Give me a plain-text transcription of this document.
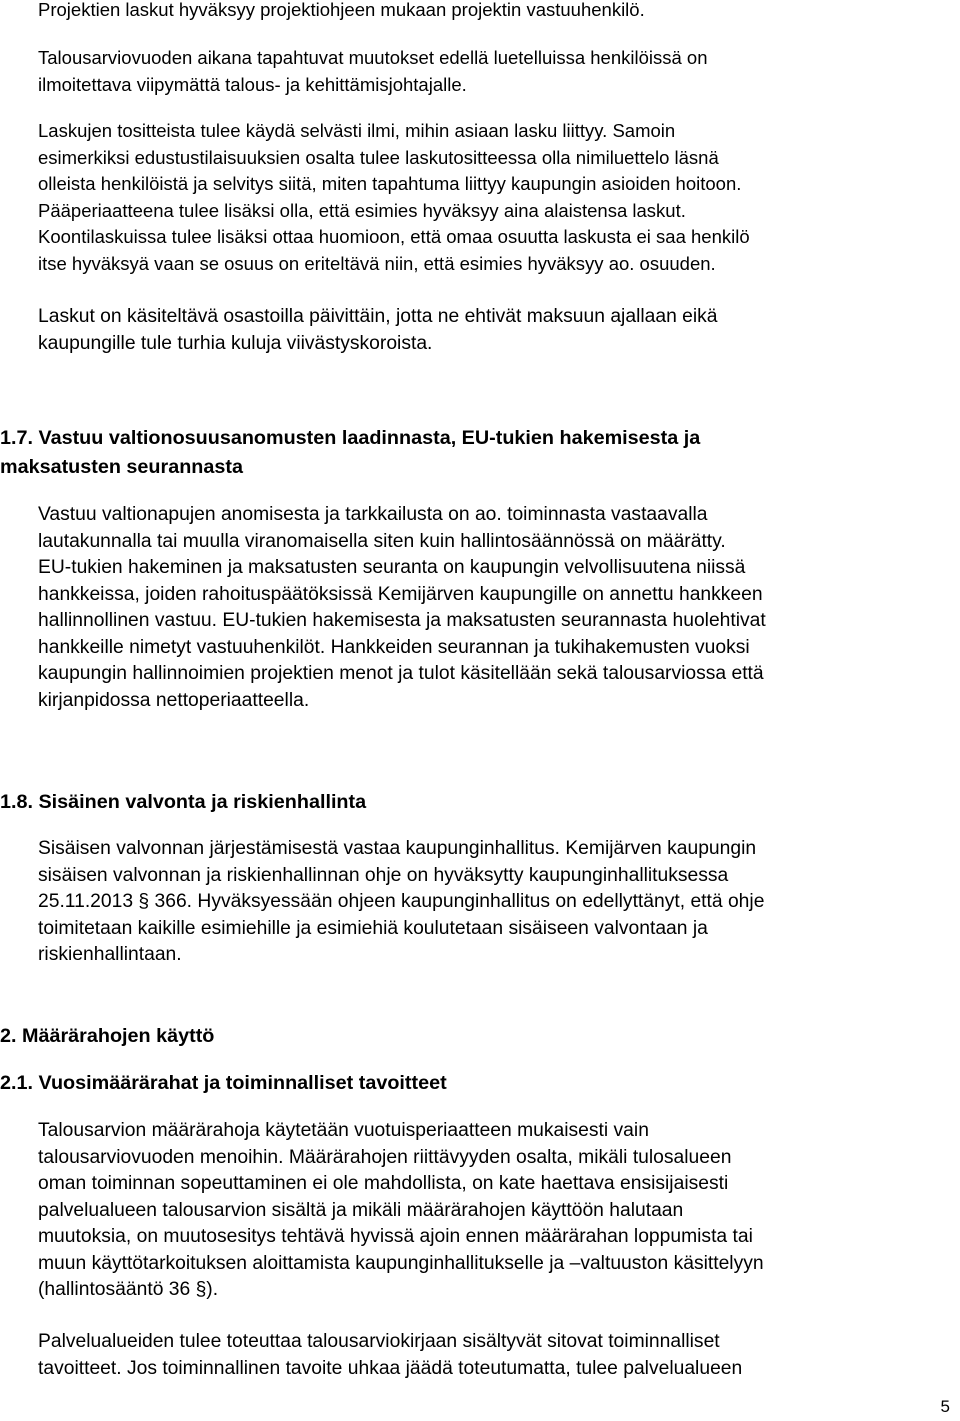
Projektien laskut hyväksyy projektiohjeen mukaan projektin vastuuhenkilö.
Talousarviovuoden aikana tapahtuvat muutokset edellä luetelluissa henkilöissä on
ilmoitettava viipymättä talous- ja kehittämisjohtajalle.
Laskujen tositteista tulee käydä selvästi ilmi, mihin asiaan lasku liittyy. Samoin
esimerkiksi edustustilaisuuksien osalta tulee laskutositteessa olla nimiluettelo läsnä
olleista henkilöistä ja selvitys siitä, miten tapahtuma liittyy kaupungin asioiden hoitoon.
Pääperiaatteena tulee lisäksi olla, että esimies hyväksyy aina alaistensa laskut.
Koontilaskuissa tulee lisäksi ottaa huomioon, että omaa osuutta laskusta ei saa henkilö
itse hyväksyä vaan se osuus on eriteltävä niin, että esimies hyväksyy ao. osuuden.
Laskut on käsiteltävä osastoilla päivittäin, jotta ne ehtivät maksuun ajallaan eikä
kaupungille tule turhia kuluja viivästyskoroista.
1.7. Vastuu valtionosuusanomusten laadinnasta, EU-tukien hakemisesta ja
maksatusten seurannasta
Vastuu valtionapujen anomisesta ja tarkkailusta on ao. toiminnasta vastaavalla
lautakunnalla tai muulla viranomaisella siten kuin hallintosäännössä on määrätty.
EU-tukien hakeminen ja maksatusten seuranta on kaupungin velvollisuutena niissä
hankkeissa, joiden rahoituspäätöksissä Kemijärven kaupungille on annettu hankkeen
hallinnollinen vastuu. EU-tukien hakemisesta ja maksatusten seurannasta huolehtivat
hankkeille nimetyt vastuuhenkilöt. Hankkeiden seurannan ja tukihakemusten vuoksi
kaupungin hallinnoimien projektien menot ja tulot käsitellään sekä talousarviossa että
kirjanpidossa nettoperiaatteella.
1.8. Sisäinen valvonta ja riskienhallinta
Sisäisen valvonnan järjestämisestä vastaa kaupunginhallitus. Kemijärven kaupungin
sisäisen valvonnan ja riskienhallinnan ohje on hyväksytty kaupunginhallituksessa
25.11.2013 § 366. Hyväksyessään ohjeen kaupunginhallitus on edellyttänyt, että ohje
toimitetaan kaikille esimiehille ja esimiehiä koulutetaan sisäiseen valvontaan ja
riskienhallintaan.
2. Määrärahojen käyttö
2.1. Vuosimäärärahat ja toiminnalliset tavoitteet
Talousarvion määrärahoja käytetään vuotuisperiaatteen mukaisesti vain
talousarviovuoden menoihin. Määrärahojen riittävyyden osalta, mikäli tulosalueen
oman toiminnan sopeuttaminen ei ole mahdollista, on kate haettava ensisijaisesti
palvelualueen talousarvion sisältä ja mikäli määrärahojen käyttöön halutaan
muutoksia, on muutosesitys tehtävä hyvissä ajoin ennen määrärahan loppumista tai
muun käyttötarkoituksen aloittamista kaupunginhallitukselle ja –valtuuston käsittelyyn
(hallintosääntö 36 §).
Palvelualueiden tulee toteuttaa talousarviokirjaan sisältyvät sitovat toiminnalliset
tavoitteet. Jos toiminnallinen tavoite uhkaa jäädä toteutumatta, tulee palvelualueen
5
